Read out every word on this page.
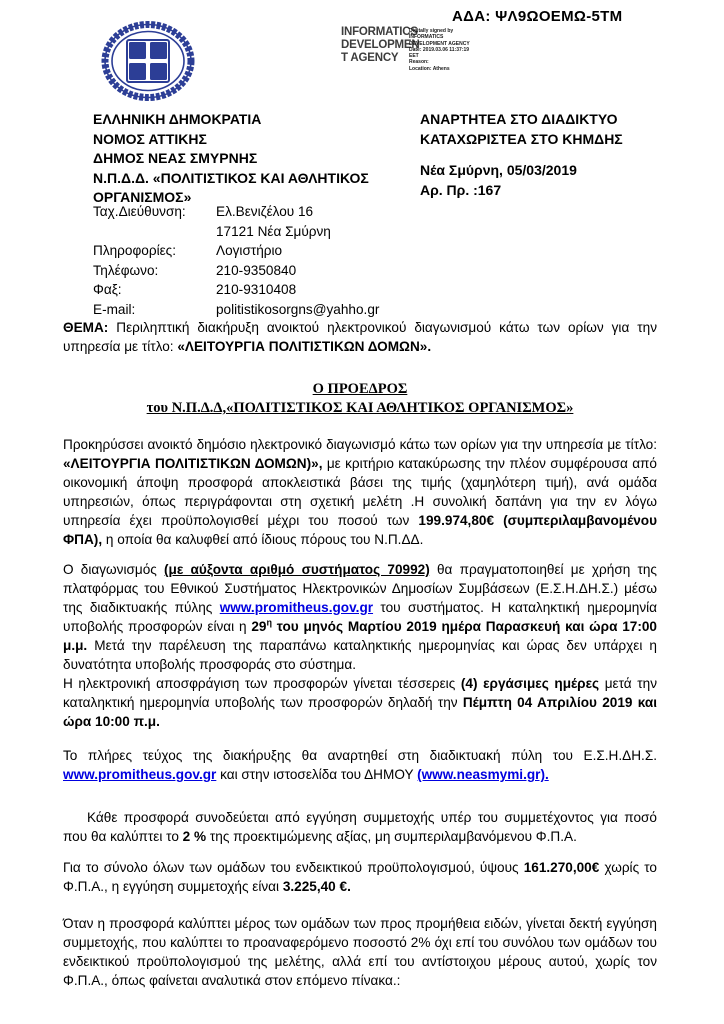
ΑΔΑ: ΨΛ9ΩΟΕΜΩ-5ΤΜ
INFORMATICS
DEVELOPMEN
T AGENCY
Digitally signed by
INFORMATICS
DEVELOPMENT AGENCY
Date: 2019.03.06 11:37:19
EET
Reason:
Location: Athens
ΕΛΛΗΝΙΚΗ ΔΗΜΟΚΡΑΤΙΑ
ΝΟΜΟΣ ΑΤΤΙΚΗΣ
ΔΗΜΟΣ ΝΕΑΣ ΣΜΥΡΝΗΣ
Ν.Π.Δ.Δ. «ΠΟΛΙΤΙΣΤΙΚΟΣ ΚΑΙ ΑΘΛΗΤΙΚΟΣ
ΟΡΓΑΝΙΣΜΟΣ»
ΑΝΑΡΤΗΤΕΑ ΣΤΟ ΔΙΑΔΙΚΤΥΟ
ΚΑΤΑΧΩΡΙΣΤΕΑ ΣΤΟ ΚΗΜΔΗΣ
Νέα Σμύρνη, 05/03/2019
Αρ. Πρ. :167
Ταχ.Διεύθυνση:	Ελ.Βενιζέλου 16
17121 Νέα Σμύρνη
Πληροφορίες:	Λογιστήριο
Τηλέφωνο:	210-9350840
Φαξ:	210-9310408
E-mail:	politistikosorgns@yahho.gr

ΘΕΜΑ: Περιληπτική διακήρυξη ανοικτού ηλεκτρονικού διαγωνισμού κάτω των ορίων για την υπηρεσία με τίτλο: «ΛΕΙΤΟΥΡΓΙΑ ΠΟΛΙΤΙΣΤΙΚΩΝ ΔΟΜΩΝ».

Ο ΠΡΟΕΔΡΟΣ
του Ν.Π.Δ.Δ,«ΠΟΛΙΤΙΣΤΙΚΟΣ ΚΑΙ ΑΘΛΗΤΙΚΟΣ ΟΡΓΑΝΙΣΜΟΣ»

Προκηρύσσει ανοικτό δημόσιο ηλεκτρονικό διαγωνισμό κάτω των ορίων για την υπηρεσία με τίτλο: «ΛΕΙΤΟΥΡΓΙΑ ΠΟΛΙΤΙΣΤΙΚΩΝ ΔΟΜΩΝ)», με κριτήριο κατακύρωσης την πλέον συμφέρουσα από οικονομική άποψη προσφορά αποκλειστικά βάσει της τιμής (χαμηλότερη τιμή), ανά ομάδα υπηρεσιών, όπως περιγράφονται στη σχετική μελέτη .Η συνολική δαπάνη για την εν λόγω υπηρεσία έχει προϋπολογισθεί μέχρι του ποσού των 199.974,80€ (συμπεριλαμβανομένου ΦΠΑ), η οποία θα καλυφθεί από ίδιους πόρους του Ν.Π.ΔΔ.

Ο διαγωνισμός (με αύξοντα αριθμό συστήματος 70992) θα πραγματοποιηθεί με χρήση της πλατφόρμας του Εθνικού Συστήματος Ηλεκτρονικών Δημοσίων Συμβάσεων (Ε.Σ.Η.ΔΗ.Σ.) μέσω της διαδικτυακής πύλης www.promitheus.gov.gr του συστήματος. Η καταληκτική ημερομηνία υποβολής προσφορών είναι η $29^\eta$ του μηνός Μαρτίου 2019 ημέρα Παρασκευή και ώρα 17:00 μ.μ. Μετά την παρέλευση της παραπάνω καταληκτικής ημερομηνίας και ώρας δεν υπάρχει η δυνατότητα υποβολής προσφοράς στο σύστημα.
Η ηλεκτρονική αποσφράγιση των προσφορών γίνεται τέσσερεις (4) εργάσιμες ημέρες μετά την καταληκτική ημερομηνία υποβολής των προσφορών δηλαδή την Πέμπτη 04 Απριλίου 2019 και ώρα 10:00 π.μ.

Το πλήρες τεύχος της διακήρυξης θα αναρτηθεί στη διαδικτυακή πύλη του Ε.Σ.Η.ΔΗ.Σ. www.promitheus.gov.gr και στην ιστοσελίδα του ΔΗΜΟΥ (www.neasmymi.gr).

Κάθε προσφορά συνοδεύεται από εγγύηση συμμετοχής υπέρ του συμμετέχοντος για ποσό που θα καλύπτει το 2 % της προεκτιμώμενης αξίας, μη συμπεριλαμβανόμενου Φ.Π.Α.

Για το σύνολο όλων των ομάδων του ενδεικτικού προϋπολογισμού, ύψους 161.270,00€ χωρίς το Φ.Π.Α., η εγγύηση συμμετοχής είναι 3.225,40 €.

Όταν η προσφορά καλύπτει μέρος των ομάδων των προς προμήθεια ειδών, γίνεται δεκτή εγγύηση συμμετοχής, που καλύπτει το προαναφερόμενο ποσοστό 2% όχι επί του συνόλου των ομάδων του ενδεικτικού προϋπολογισμού της μελέτης, αλλά επί του αντίστοιχου μέρους αυτού, χωρίς τον Φ.Π.Α., όπως φαίνεται αναλυτικά στον επόμενο πίνακα.:
